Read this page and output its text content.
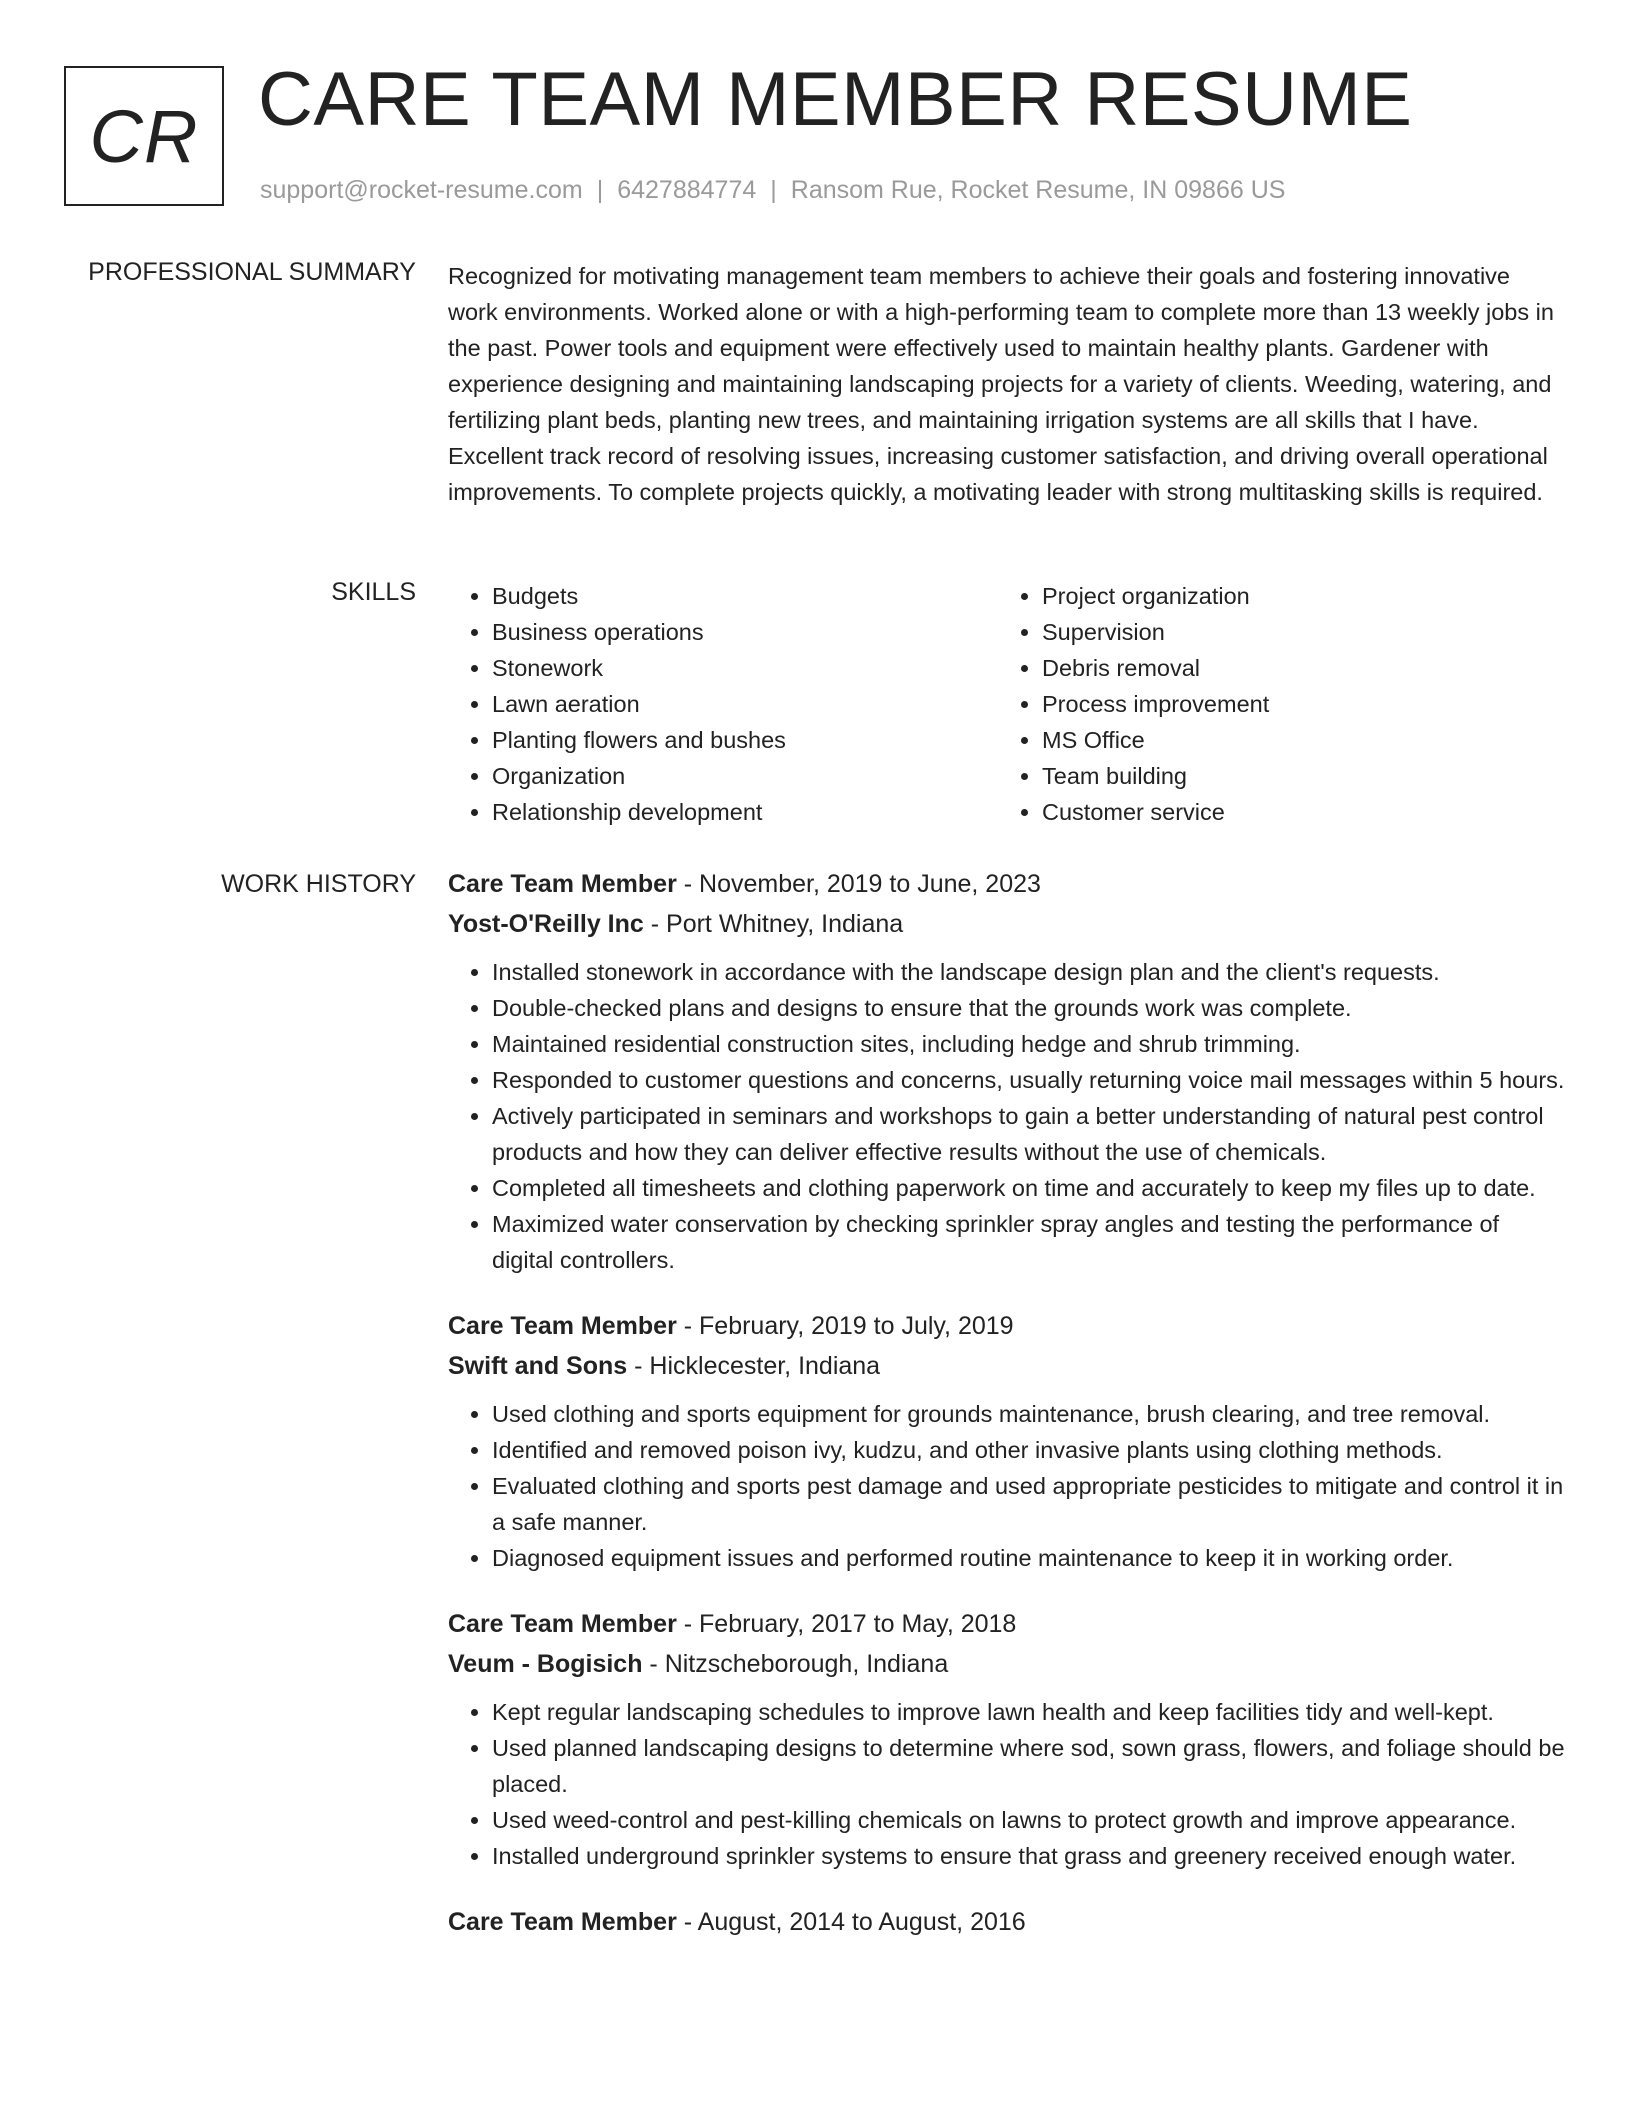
CR CARE TEAM MEMBER RESUME
support@rocket-resume.com | 6427884774 | Ransom Rue, Rocket Resume, IN 09866 US
PROFESSIONAL SUMMARY Recognized for motivating management team members to achieve their goals and fostering innovative work environments. Worked alone or with a high-performing team to complete more than 13 weekly jobs in the past. Power tools and equipment were effectively used to maintain healthy plants. Gardener with experience designing and maintaining landscaping projects for a variety of clients. Weeding, watering, and fertilizing plant beds, planting new trees, and maintaining irrigation systems are all skills that I have. Excellent track record of resolving issues, increasing customer satisfaction, and driving overall operational improvements. To complete projects quickly, a motivating leader with strong multitasking skills is required.

SKILLS
•	Budgets
• Business operations
• Stonework
• Lawn aeration
• Planting flowers and bushes
• Organization
• Relationship development
• Project organization
• Supervision
• Debris removal
• Process improvement
• MS Office
• Team building
• Customer service
WORK HISTORY Care Team Member - November, 2019 to June, 2023
Yost-O'Reilly Inc - Port Whitney, Indiana
• Installed stonework in accordance with the landscape design plan and the client's requests.
• Double-checked plans and designs to ensure that the grounds work was complete.
• Maintained residential construction sites, including hedge and shrub trimming.
• Responded to customer questions and concerns, usually returning voice mail messages within 5 hours.
• Actively participated in seminars and workshops to gain a better understanding of natural pest control products and how they can deliver effective results without the use of chemicals.
• Completed all timesheets and clothing paperwork on time and accurately to keep my files up to date.
• Maximized water conservation by checking sprinkler spray angles and testing the performance of digital controllers.
Care Team Member - February, 2019 to July, 2019
Swift and Sons - Hicklecester, Indiana
• Used clothing and sports equipment for grounds maintenance, brush clearing, and tree removal.
• Identified and removed poison ivy, kudzu, and other invasive plants using clothing methods.
• Evaluated clothing and sports pest damage and used appropriate pesticides to mitigate and control it in a safe manner.
• Diagnosed equipment issues and performed routine maintenance to keep it in working order.
Care Team Member - February, 2017 to May, 2018
Veum - Bogisich - Nitzscheborough, Indiana
• Kept regular landscaping schedules to improve lawn health and keep facilities tidy and well-kept.
• Used planned landscaping designs to determine where sod, sown grass, flowers, and foliage should be placed.
• Used weed-control and pest-killing chemicals on lawns to protect growth and improve appearance.
• Installed underground sprinkler systems to ensure that grass and greenery received enough water.
Care Team Member - August, 2014 to August, 2016
